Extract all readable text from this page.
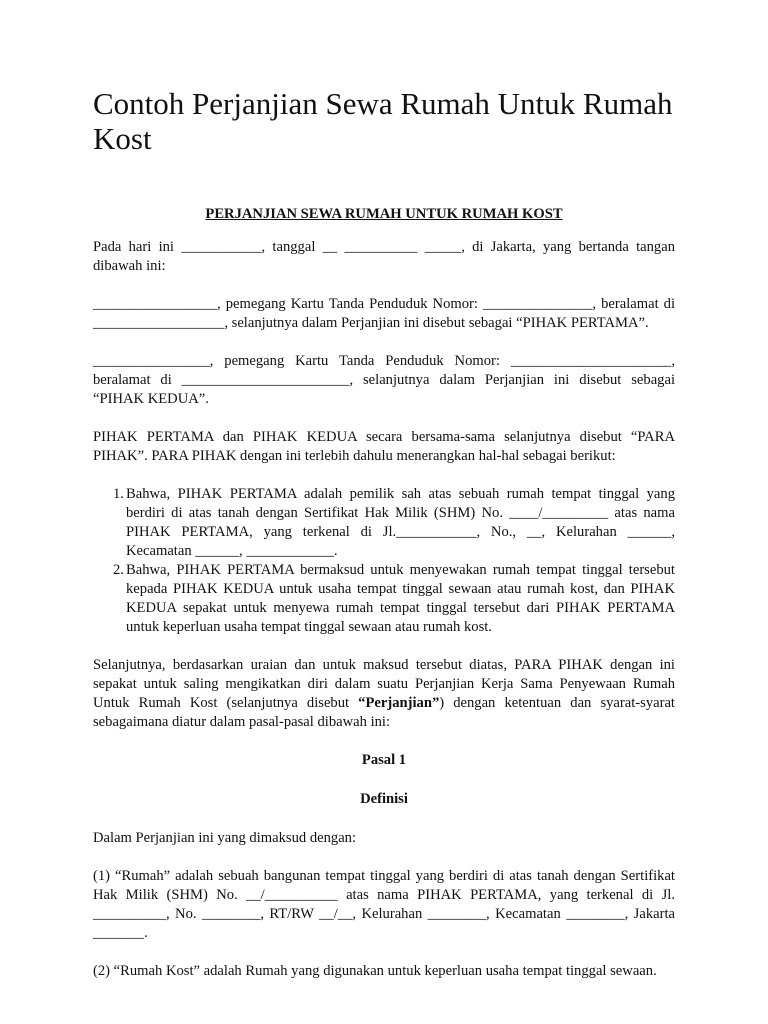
Contoh Perjanjian Sewa Rumah Untuk Rumah Kost
PERJANJIAN SEWA RUMAH UNTUK RUMAH KOST

Pada hari ini ___________, tanggal __ __________ _____, di Jakarta, yang bertanda tangan dibawah ini:

_________________, pemegang Kartu Tanda Penduduk Nomor: _______________, beralamat di __________________, selanjutnya dalam Perjanjian ini disebut sebagai “PIHAK PERTAMA”.

________________, pemegang Kartu Tanda Penduduk Nomor: ______________________, beralamat di _______________________, selanjutnya dalam Perjanjian ini disebut sebagai “PIHAK KEDUA”.

PIHAK PERTAMA dan PIHAK KEDUA secara bersama-sama selanjutnya disebut “PARA PIHAK”. PARA PIHAK dengan ini terlebih dahulu menerangkan hal-hal sebagai berikut:

1. Bahwa, PIHAK PERTAMA adalah pemilik sah atas sebuah rumah tempat tinggal yang berdiri di atas tanah dengan Sertifikat Hak Milik (SHM) No. ____/_________ atas nama PIHAK PERTAMA, yang terkenal di Jl.___________, No., __, Kelurahan ______, Kecamatan ______, ____________.
2. Bahwa, PIHAK PERTAMA bermaksud untuk menyewakan rumah tempat tinggal tersebut kepada PIHAK KEDUA untuk usaha tempat tinggal sewaan atau rumah kost, dan PIHAK KEDUA sepakat untuk menyewa rumah tempat tinggal tersebut dari PIHAK PERTAMA untuk keperluan usaha tempat tinggal sewaan atau rumah kost.

Selanjutnya, berdasarkan uraian dan untuk maksud tersebut diatas, PARA PIHAK dengan ini sepakat untuk saling mengikatkan diri dalam suatu Perjanjian Kerja Sama Penyewaan Rumah Untuk Rumah Kost (selanjutnya disebut “Perjanjian”) dengan ketentuan dan syarat-syarat sebagaimana diatur dalam pasal-pasal dibawah ini:

Pasal 1
Definisi

Dalam Perjanjian ini yang dimaksud dengan:

(1) “Rumah” adalah sebuah bangunan tempat tinggal yang berdiri di atas tanah dengan Sertifikat Hak Milik (SHM) No. __/__________ atas nama PIHAK PERTAMA, yang terkenal di Jl. __________, No. ________, RT/RW __/__, Kelurahan ________, Kecamatan ________, Jakarta _______.

(2) “Rumah Kost” adalah Rumah yang digunakan untuk keperluan usaha tempat tinggal sewaan.
